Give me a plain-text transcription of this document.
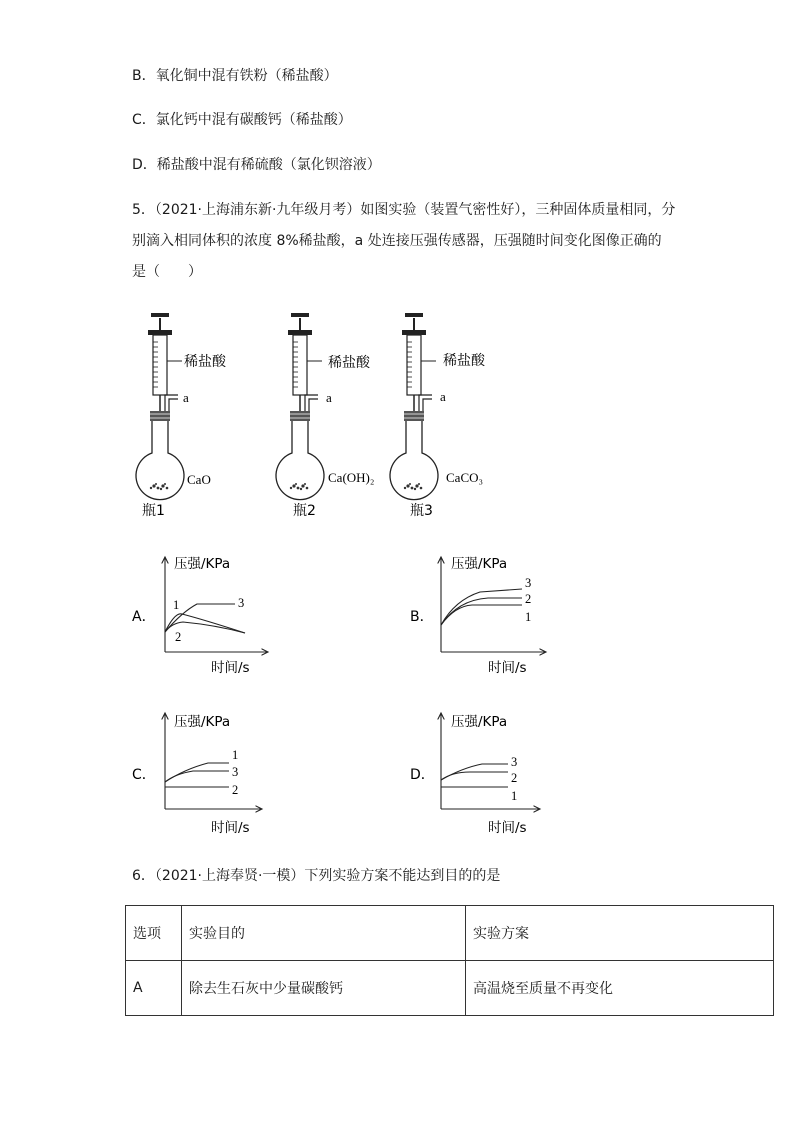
B．氧化铜中混有铁粉（稀盐酸）
C．氯化钙中混有碳酸钙（稀盐酸）
D．稀盐酸中混有稀硫酸（氯化钡溶液）
5．（2021·上海浦东新·九年级月考）如图实验（装置气密性好），三种固体质量相同，分
别滴入相同体积的浓度 8%稀盐酸，a 处连接压强传感器，压强随时间变化图像正确的
是（　　）
稀盐酸
a
CaO
瓶1
稀盐酸
a
Ca(OH)₂
瓶2
稀盐酸
a
CaCO₃
瓶3
A．
压强/KPa
时间/s
1	3
2
B．
压强/KPa
时间/s
3
2
1
C．
压强/KPa
时间/s
1
3
2
D．
压强/KPa
时间/s
3
2
1
6．（2021·上海奉贤·一模）下列实验方案不能达到目的的是
选项	实验目的	实验方案
A	除去生石灰中少量碳酸钙	高温烧至质量不再变化
